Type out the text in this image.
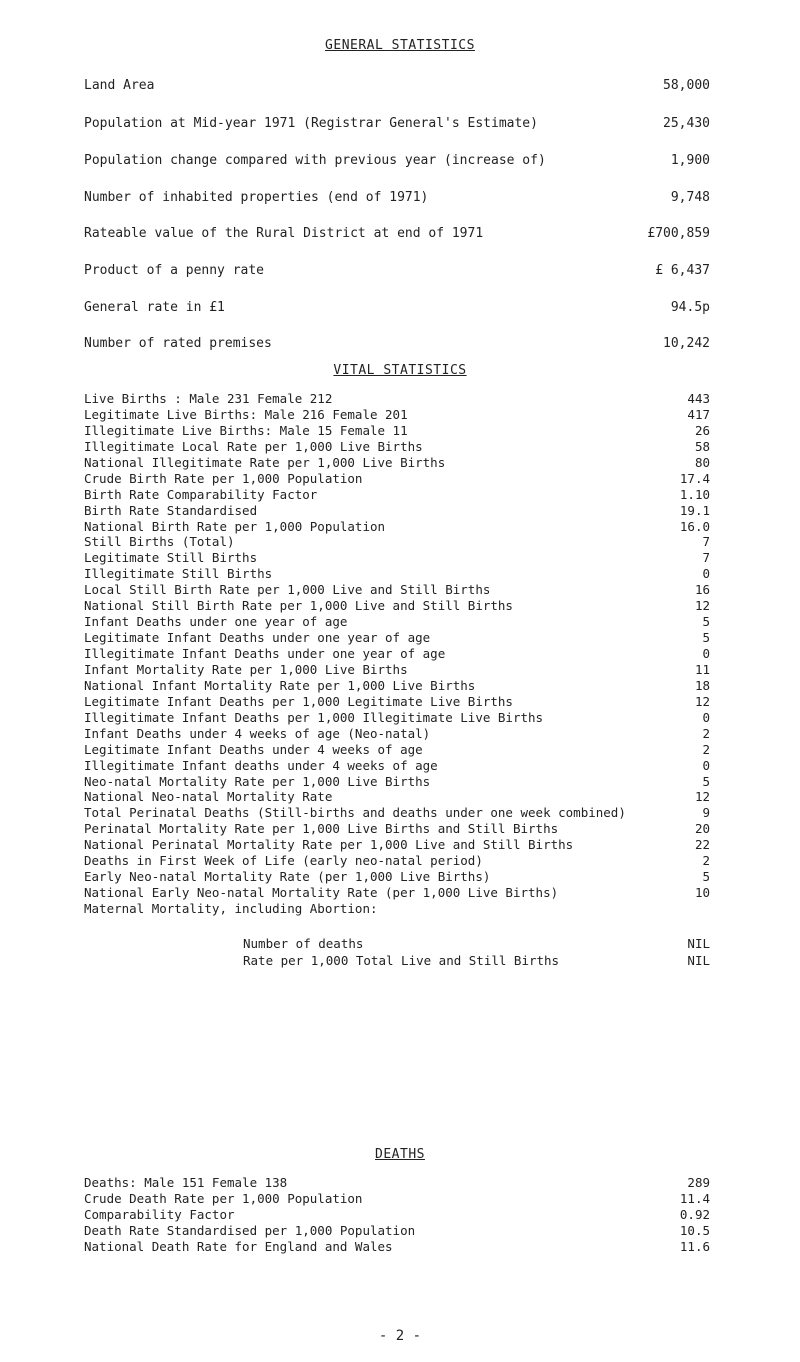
GENERAL STATISTICS
Land Area	58,000
Population at Mid-year 1971 (Registrar General's Estimate)	25,430
Population change compared with previous year (increase of)	1,900
Number of inhabited properties (end of 1971)	9,748
Rateable value of the Rural District at end of 1971	£700,859
Product of a penny rate	£ 6,437
General rate in £1	94.5p
Number of rated premises	10,242
VITAL STATISTICS
Live Births : Male 231 Female 212	443
Legitimate Live Births: Male 216 Female 201	417
Illegitimate Live Births: Male 15 Female 11	26
Illegitimate Local Rate per 1,000 Live Births	58
National Illegitimate Rate per 1,000 Live Births	80
Crude Birth Rate per 1,000 Population	17.4
Birth Rate Comparability Factor	1.10
Birth Rate Standardised	19.1
National Birth Rate per 1,000 Population	16.0
Still Births (Total)	7
Legitimate Still Births	7
Illegitimate Still Births	0
Local Still Birth Rate per 1,000 Live and Still Births	16
National Still Birth Rate per 1,000 Live and Still Births	12
Infant Deaths under one year of age	5
Legitimate Infant Deaths under one year of age	5
Illegitimate Infant Deaths under one year of age	0
Infant Mortality Rate per 1,000 Live Births	11
National Infant Mortality Rate per 1,000 Live Births	18
Legitimate Infant Deaths per 1,000 Legitimate Live Births	12
Illegitimate Infant Deaths per 1,000 Illegitimate Live Births	0
Infant Deaths under 4 weeks of age (Neo-natal)	2
Legitimate Infant Deaths under 4 weeks of age	2
Illegitimate Infant deaths under 4 weeks of age	0
Neo-natal Mortality Rate per 1,000 Live Births	5
National Neo-natal Mortality Rate	12
Total Perinatal Deaths (Still-births and deaths under one week combined)	9
Perinatal Mortality Rate per 1,000 Live Births and Still Births	20
National Perinatal Mortality Rate per 1,000 Live and Still Births	22
Deaths in First Week of Life (early neo-natal period)	2
Early Neo-natal Mortality Rate (per 1,000 Live Births)	5
National Early Neo-natal Mortality Rate (per 1,000 Live Births)	10
Maternal Mortality, including Abortion:
Number of deaths	NIL
Rate per 1,000 Total Live and Still Births	NIL
DEATHS
Deaths: Male 151 Female 138	289
Crude Death Rate per 1,000 Population	11.4
Comparability Factor	0.92
Death Rate Standardised per 1,000 Population	10.5
National Death Rate for England and Wales	11.6
- 2 -
